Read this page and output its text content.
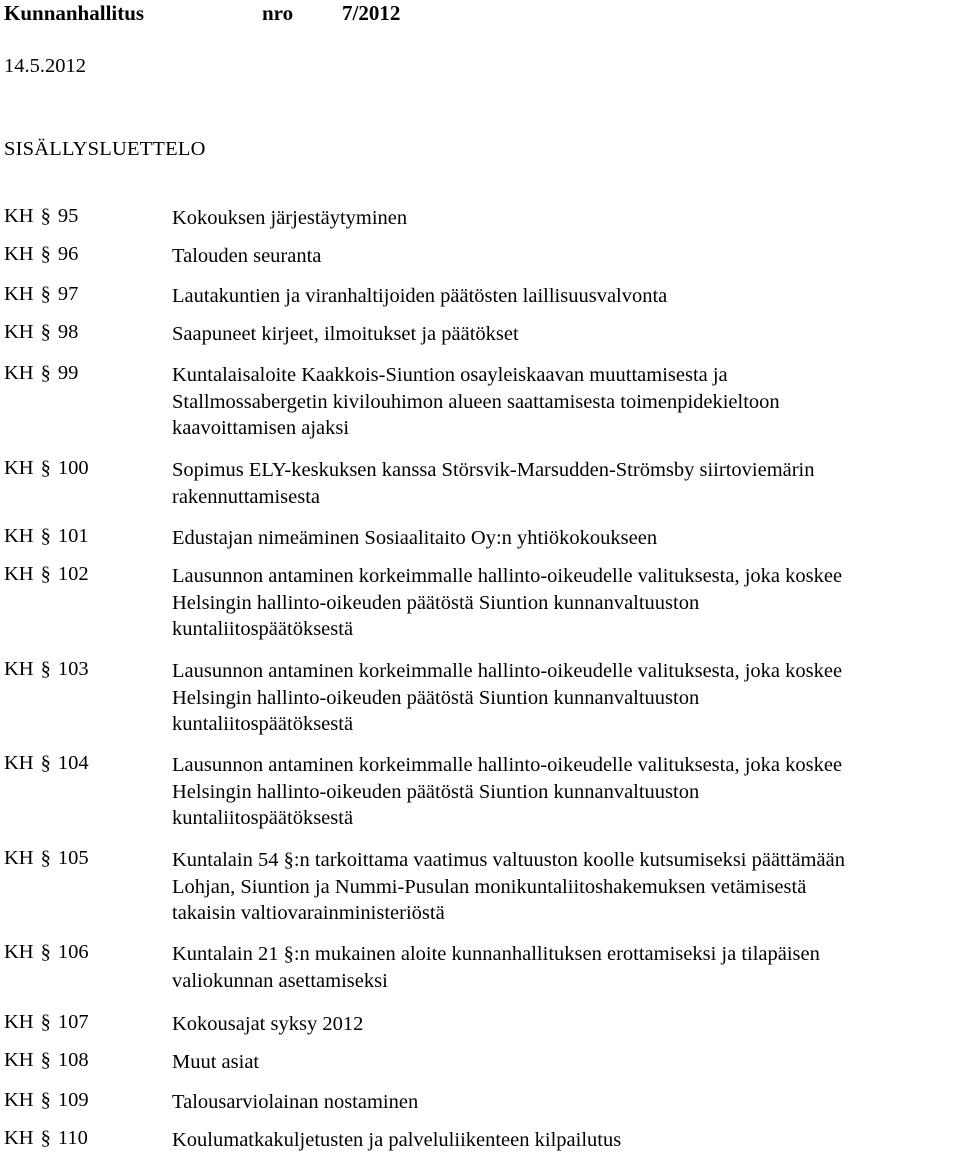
Kunnanhallitus	nro 7/2012
14.5.2012
SISÄLLYSLUETTELO
KH § 95	Kokouksen järjestäytyminen
KH § 96	Talouden seuranta
KH § 97	Lautakuntien ja viranhaltijoiden päätösten laillisuusvalvonta
KH § 98	Saapuneet kirjeet, ilmoitukset ja päätökset
KH § 99	Kuntalaisaloite Kaakkois-Siuntion osayleiskaavan muuttamisesta ja
Stallmossabergetin kivilouhimon alueen saattamisesta toimenpidekieltoon
kaavoittamisen ajaksi
KH § 100	Sopimus ELY-keskuksen kanssa Störsvik-Marsudden-Strömsby siirtoviemärin
rakennuttamisesta
KH § 101	Edustajan nimeäminen Sosiaalitaito Oy:n yhtiökokoukseen
KH § 102	Lausunnon antaminen korkeimmalle hallinto-oikeudelle valituksesta, joka koskee
Helsingin hallinto-oikeuden päätöstä Siuntion kunnanvaltuuston
kuntaliitospäätöksestä
KH § 103	Lausunnon antaminen korkeimmalle hallinto-oikeudelle valituksesta, joka koskee
Helsingin hallinto-oikeuden päätöstä Siuntion kunnanvaltuuston
kuntaliitospäätöksestä
KH § 104	Lausunnon antaminen korkeimmalle hallinto-oikeudelle valituksesta, joka koskee
Helsingin hallinto-oikeuden päätöstä Siuntion kunnanvaltuuston
kuntaliitospäätöksestä
KH § 105	Kuntalain 54 §:n tarkoittama vaatimus valtuuston koolle kutsumiseksi päättämään
Lohjan, Siuntion ja Nummi-Pusulan monikuntaliitoshakemuksen vetämisestä
takaisin valtiovarainministeriöstä
KH § 106	Kuntalain 21 §:n mukainen aloite kunnanhallituksen erottamiseksi ja tilapäisen
valiokunnan asettamiseksi
KH § 107	Kokousajat syksy 2012
KH § 108	Muut asiat
KH § 109	Talousarviolainan nostaminen
KH § 110	Koulumatkakuljetusten ja palveluliikenteen kilpailutus
